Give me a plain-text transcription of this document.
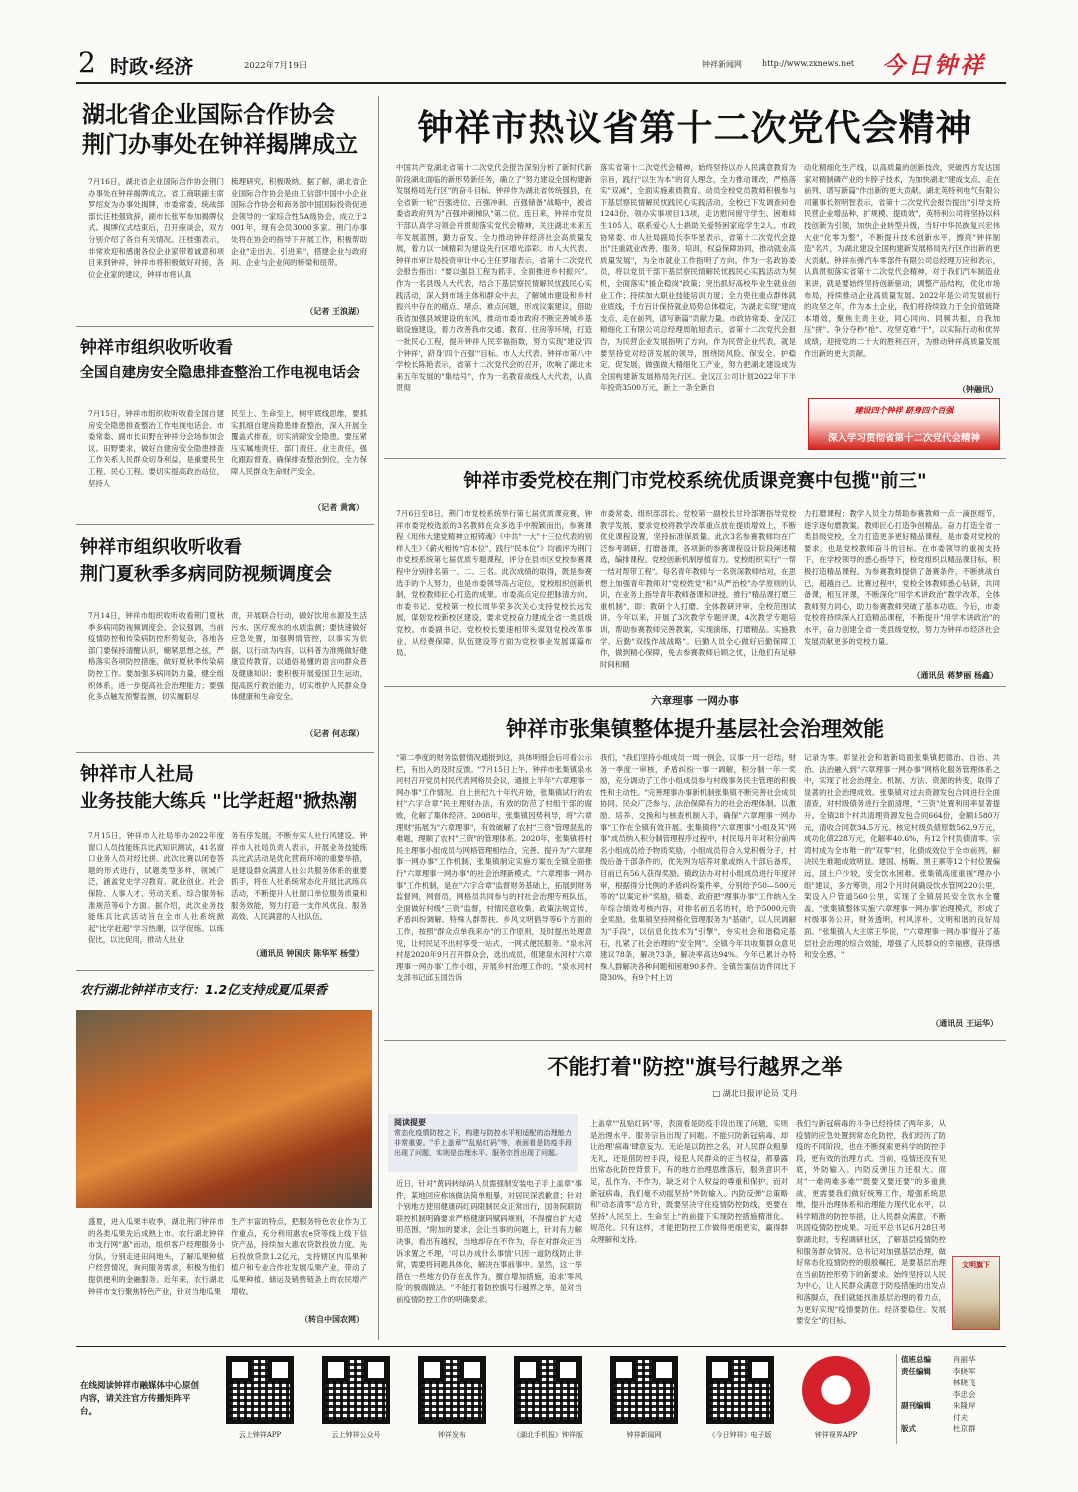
2 时政·经济	2022年7月19日	钟祥新闻网	http://www.zxnews.net 今日钟祥
湖北省企业国际合作协会
荆门办事处在钟祥揭牌成立
7月16日，湖北省企业国际合作协会荆门办事处在钟祥揭牌成立。省工商联副主席罗绍友为办事处揭牌，市委常委、统战部部长汪桂强致辞，副市长张军参加揭牌仪式。揭牌仪式结束后，召开座谈会，双方分别介绍了各自有关情况。汪桂强表示，非常欢迎和感谢各位企业家带着诚意和项目来到钟祥，钟祥市将积极做好对接，各位企业家的建议，钟祥市将认真
梳理研究，积极吸纳。据了解，湖北省企业国际合作协会是由工信部中国中小企业国际合作协会和商务部中国国际投资促进会领导的一家综合性5A级协会，成立于2001年，现有会员3000多家。荆门办事处将在协会的指导下开展工作，积极帮助企业"走出去、引进来"，搭建企业与政府间、企业与企业间的桥梁和纽带。
（记者 王浪湖）
钟祥市组织收听收看
全国自建房安全隐患排查整治工作电视电话会
7月15日，钟祥市组织收听收看全国自建房安全隐患排查整治工作电视电话会。市委常委、副市长田野在钟祥分会场参加会议。田野要求，做好自建房安全隐患排查工作关系人民群众切身利益，是重要民生工程、民心工程。要切实提高政治站位，坚持人
民至上、生命至上，树牢底线思维，要抓实抓细自建房隐患排查整治，深入开展全覆盖式排查，切实消除安全隐患。要压紧压实属地责任、部门责任、业主责任，强化跟踪督查，确保排查整治到位，全力保障人民群众生命财产安全。
（记者 黄寓）
钟祥市组织收听收看
荆门夏秋季多病同防视频调度会
7月14日，钟祥市组织收听收看荆门夏秋季多病同防视频调度会。会议强调，当前疫情防控和传染病防控形势复杂，各地各部门要保持清醒认识，綳紧思想之弦，严格落实各项防控措施，做好夏秋季传染病防控工作。要加强多病同防力量，健全组织体系，进一步提高社会治理能力；要强化多点触发预警监测，切实履职尽
责，开展联合行动，做好饮用水源及生活污水、医疗废水的水质监测；要快速做好应急处置，加强舆情管控，以事实为依据，以行动为内容，以科普为准绳做好健康宣传教育，以通俗易懂的语言向群众普及健康知识；要积极开展爱国卫生运动，提高医疗救治能力，切实维护人民群众身体健康和生命安全。
（记者 何志琛）
钟祥市人社局
业务技能大练兵 "比学赶超"掀热潮
7月15日，钟祥市人社局举办2022年度窗口人员技能练兵比武知识测试，41名窗口业务人员对经比拼。此次比赛以闭卷答题的形式进行，试题类型多样，领域广泛，涵盖党史学习教育、就业创业、社会保险、人事人才、劳动关系、综合服务标准规范等6个方面。据介绍，此次业务技能练兵比武活动旨在全市人社系统掀起"比学赶超"学习热潮，以学促练、以练促比，以比促用，推动人社业
务有序发展，不断夯实人社行风建设。钟祥市人社局负责人表示，开展业务技能练兵比武活动是优化营商环境的重要举措，是建设群众满意人社公共服务体系的重要抓手，将在人社系统常态化开展比武练兵活动，不断提升人社窗口单位服务质量和服务效能，努力打造一支作风优良、服务高效、人民满意的人社队伍。
（通讯员 钟国庆 陈华军 杨莹）
农行湖北钟祥市支行：1.2亿支持成夏瓜果香
盛夏，进入瓜果丰收季，湖北荆门钟祥市的各类瓜果先后成熟上市。农行湖北钟祥市支行网"惠"而动，组织客户经理服务小分队，分别走进田间地头，了解瓜果种植户经营情况，询问服务需求，积极为他们提供便利的金融服务。近年来，农行湖北钟祥市支行聚焦特色产业，针对当地瓜果
生产丰富的特点，把服务特色农业作为工作重点，充分利用惠农e贷等线上线下信贷产品，持续加大惠农贷款投放力度。先后投放贷款1.2亿元，支持辖区内瓜果种植户和专业合作社发展瓜果产业，带动了瓜果种植、储运及销售链条上的农民增产增收。
（转自中国农网）
钟祥市热议省第十二次党代会精神
中国共产党湖北省第十二次党代会报告深刻分析了新时代新阶段湖北面临的新形势新任务，确立了"努力建设全国构建新发展格局先行区"的奋斗目标。钟祥作为湖北省传统强县，在全省新一轮"百强进位、百强冲刺、百强储备"战略中，被省委省政府列为"百强冲刺梯队"第二位。连日来，钟祥市党员干部认真学习领会并贯彻落实党代会精神，关注湖北未来五年发展蓝图，勤力奋发、全力推动钟祥经济社会高质量发展，着力以一域精彩为建设先行区增光添彩。市人大代表、钟祥市审计局投资审计中心主任罗瑞表示，省第十二次党代会报告指出："要以强县工程为抓手，全面推进乡村振兴"。作为一名县级人大代表，结合下基层察民情解民忧践民心实践活动，深入到市场主体和群众中去，了解城市建设和乡村振兴中存在的痛点、堵点、难点问题，形成议案建议，借助我省加强县域建设的东风，推动市委市政府不断完善城乡基础设施建设，着力改善我市交通、教育、住房等环境，打造一批民心工程，提升钟祥人民幸福指数，努力实现"建设'四个钟祥'，跻身'四个百强'"目标。市人大代表、钟祥市第八中学校长陈艳表示，省第十二次党代会的召开，吹响了湖北未来五年发展的"集结号"，作为一名教育战线人大代表，认真贯彻
落实省第十二次党代会精神，始终坚持以办人民满意教育为宗旨，践行"以生为本"的育人理念，全力推动课改，严格落实"双减"，全面实施素质教育。动员全校党员教师积极参与下基层察民情解民忧践民心实践活动，全校已下发调查问卷1243份，领办实事项目13项，走访慰问留守学生、困难师生105人，联系爱心人士捐助关爱特困家庭学生2人。市政协常委、市人社局副局长李华星表示，省第十二次党代会提出"注重就业改善、服务、培训，权益保障协同，推动就业高质量发展"，为全市就业工作指明了方向。作为一名政协委员，将以党员干部下基层察民情解民忧践民心实践活动为契机，全面落实"援企稳岗"政策；突出抓好高校毕业生就业创业工作；持续加大职业技能培训力度；全力兜住重点群体就业底线，千方百计保持就业局势总体稳定，为湖北实现"建成支点、走在前列，谱写新篇"贡献力量。市政协常委、金汉江精细化工有限公司总经理周航旭表示，省第十二次党代会报告，为民营企业发展指明了方向，作为民营企业代表，就是要坚持党对经济发展的领导，围绕防风险、保安全、护稳定、促发展，做强做大精细化工产业，努力把湖北建设成为全国构建新发展格局先行区。金汉江公司计划2022年下半年投资3500万元，新上一条全新自
动化精细化生产线，以高质量的创新技改，突破西方发达国家对精制磷产业的卡脖子技术，为加快湖北"建成支点、走在前列、谱写新篇"作出新的更大贡献。湖北英特利电气有限公司董事长贺明智表示，省第十二次党代会报告提出"引导支持民营企业增品种、扩规模、提质效"，英特利公司将坚持以科技创新为引领，加快企业转型升级，当好中华民族复兴宏伟大业"化零为整"，不断提升技术创新水平，擦亮"钟祥制造"名片，为湖北建设全国构建新发展格局先行区作出新的更大贡献。钟祥东弹汽车零部件有限公司总经理万应和表示，认真贯彻落实省第十二次党代会精神，对于我们汽车制造业来讲，就是要始终坚持创新驱动，调整产品结构，优化市场布局，持续推动企业高质量发展。2022年是公司发展前行的攻坚之年，作为本土企业，我们将持续致力于全价值链降本增效，聚焦主责主业，同心同向、同频共振，自我加压"拼"、争分夺秒"抢"、攻坚克难"干"，以实际行动和优异成绩，迎接党的二十大的胜利召开，为推动钟祥高质量发展作出新的更大贡献。
（钟融讯）
建设四个钟祥 跻身四个百强
深入学习贯彻省第十二次党代会精神
钟祥市委党校在荆门市党校系统优质课竞赛中包揽"前三"
7月6日至8日，荆门市党校系统举行第七届优质课竞赛，钟祥市委党校选派的3名教师在众多选手中脱颖而出，参赛课程《用伟大建党精神立根铸魂》《中共"一大"十三位代表的别样人生》《薪火相传"官本位"、践行"民本位"》均被评为荆门市党校系统第七届优质专题课程，评分在县市区党校参赛课程中分别排名第一、二、三名。此次成绩的取得，既是参赛选手的个人努力，也是市委领导高占定位，党校组织创新机制，党校教师匠心打造的成果。市委高点定位把脉清方向。市委书记、党校第一校长周华荣多次关心支持党校长远发展，谋划党校新校区建设，要求党校奋力建成全省一类县级党校。市委副书记、党校校长要速相带头谋划党校改革事业，从经费保障、队伍建设等方面为党校事业发展谋篇布局。
市委常委、组织部部长、党校第一副校长甘玲部署指导党校教学发展，要求党校将教学改革重点放在提质增效上，不断优化课程设置，坚持标准保质量。此次3名参赛教师均在广泛参考调研、打磨备课，各项新的参赛课程设计阶段阐述精选，编排课程。党校创新机制厚植育力。党校组织实行"一帮一结对帮带工程"。每名青年教师与一名资深教师结对，在思想上加强青年教师对"党校姓党"和"从严治校"办学原则的认识，在业务上指导青年教师备课和讲授。推行"精品课打磨三重机制"，即：教研个人打磨、全体教研评审、全校范围试讲。今年以来，开展了3次教学专题评课，4次教学专题培训，帮助参赛教师完善教案，实现演练，打磨精品。实施教学、后勤"双线作战战略"。后勤人员全心做好后勤保障工作，做到精心保障，免去参赛教师后顾之忧，让他们有足够时间和精
力打磨课程；教学人员全力帮助参赛教师一点一滴抠细节，逐字逐句磨教案。教师匠心打造争创精品。奋力打造全省一类县级党校，全力打造更多更好精品课程，是市委对党校的要求，也是党校教师奋斗的目标。在市委领导的重视支持下，在学校领导的悉心指导下，校党组织以精品课目标，积极打造精品课程。为参赛教师提供了备赛条件，不断挑战自己，超越自己。比赛过程中，党校全体教师悉心钻研，共同备课，相互评课，不断深化"用学术讲政治"教学改革，全体教师努力同心，助力参赛教师突破了基本功底。今后，市委党校将持续深入打造精品课程，不断提升"用学术讲政治"的水平，奋力创建全省一类县级党校，努力为钟祥市经济社会发展贡献更多的党校力量。
（通讯员 蒋梦丽 杨鑫）
六章理事 一网办事
钟祥市张集镇整体提升基层社会治理效能
"第二季度的财务监督情况通报到这，具体明细会后可看公示栏，有出入的及时反馈。"7月15日上午，钟祥市张集镇泉水河村召开党员村民代表网格员会议，通报上半年"六章理事一网办事"工作情况。自上世纪九十年代开始，张集镇试行的农村"六字合章"民主理财办法，有效的防范了村组干部的腐败，化解了集体经济。2008年，张集镇因势利导，将"六章理财"拓展为"六章理事"，有效破解了农村"三资"管理混乱的难题，理顺了农村"三资"的管理体系。2020年，张集镇将村民主理事小组成员与网格管理相结合，完善、提升为"六章理事一网办事"工作机制，张集镇制定实施方案在全镇全面推行"六章理事一网办事"的社会治理新模式。"六章理事一网办事"工作机制，是在"六字合章"监督财务基础上，拓展到财务监督网，网督员，网格员共同参与的村社会治理专班队伍，全面做好村级"三资"监督，村情民意收集、政策法规宣传、矛盾纠纷调解、特殊人群帮扶、乡风文明倡导等6个方面的工作，按照"群众点单我来办"的工作原则，及时提出处理意见，让村民足不出村享受一站式、一网式便民服务。"泉水河村是2020年9月召开群众会，选出成员，组建泉水河村'六章理事一网办事'工作小组，开展乡村治理工作的。"泉水河村支部书记邱玉国告诉
我们，"我们坚持小组成员一周一例会，议事一月一总结，财务一季度一审核，矛盾纠纷一事一调解，积分制一年一奖励，充分调动了工作小组成员参与村级事务民主管理的积极性和主动性。"完善理事办事新机制张集镇不断完善社会成员协同、民众广泛参与、法治保障有力的社会治理体制。以激励、培养、交换和与核查机制入手，确保"六章理事一网办事"工作在全镇有效开展。张集镇将"六章理事"小组及其"网事"成员纳入积分制管理程序过程中，村民每月年对积分前两名小组成员给予物质奖励，小组成员符合入党积极分子，村级后备干部条件的，优先列为培养对象或纳入干部后备库，目前已有56人获得奖励。镇政法办对村小组成员进行年度评审，根据得分比例的矛盾纠纷案件率，分别给予50—500元等的"以案定补"奖励，镇委、政府把"理事办事"工作纳入全年综合绩效考核内容，对排名前五名的村，给予5000元资金奖励。张集镇坚持网格化管理服务为"基础"，以人民调解为"手段"，以信息化技术为"引擎"，夯实社会和谐稳定基石，扎紧了社会治理的"安全网"。全镇今年共收集群众意见建议78条，解决73条，解决率高达94%。今年已累计办特殊人群解决各种问题和困难90多件。全镇告案信访件同比下降30%，有9个村上访
记录为零。彰显社会和谐新局面张集镇把德治、自治、共治、法治融入到"六章理事一网办事"网格化服务管理体系之中，实现了社会治理全、机制、方法、资源的转变，取得了显著的社会治理成效。张集镇对过去资源发包合同进行全面清查，对村级债务进行全面清理，"三资"处置利用率显著提升。全镇28个村共清理资源发包合同664份，金额1580万元，清收合同款34.5万元。核定村级负债原数562.9万元，成功化债228万元，化解率40.6%，有12个村负债清零。宗湾村成为全市唯一的"双零"村，化债成效位于全市前列，解决民生难题成效明显。建国、杨畈、黑王寨等12个村位置偏远，国土户少较，安全饮水困难。张集镇高度重视"理办小组"建议，多方筹资，用2个月时间确设饮水管网220公里，架设入户管道560公里，实现了全镇居民安全饮水全覆盖。"张集镇整体实施'六章理事一网办事'治理模式，形成了村级事务公开，财务透明，村风淳朴，文明和谐的良好局面。"张集镇人大主席王华说，"'六章理事一网办事'提升了基层社会治理的综合效能，增强了人民群众的幸福感，获得感和安全感。"
（通讯员 王运华）
不能打着"防控"旗号行越界之举
□ 湖北日报评论员 艾丹
阅读提要
常态化疫情防控之下，构建与防控水平相适配的治理能力非常重要。"手上盖章""乱贴红码"等，表面看是防疫手段出现了问题，实则是治理水平、服务宗旨出现了问题。
近日，针对"黄码转绿码人员需强制安装电子手上盖章"事件，某地回应称该做法简单粗暴，对居民深表歉意；针对个别地方使用健康码红码限制民众正常出行，国务院联防联控机制明确要求严格健康码赋码规则，不得擅自扩大适用范围，"附加的要求，会让当事的问题上，针对有力解决事，看出有越权，当地却存在不作为，存在对群众正当诉求置之不理，'可以办成什么事情'只因一道防线防止非常，需要将问题具体化，解决在事前事中。显然，这一举措在一些地方仍存在乱作为，擅自增加措施，追求'零风险'的极端做法。"不能打着防控旗号行越界之举，是对当前疫情防控工作的明确要求。
上盖章""乱贴红码"等，表面看是防疫手段出现了问题，实则是治理水平、服务宗旨出现了问题。不能只防新冠病毒，却让治理'病毒'肆意妄为。无论是以防控之名，对人民群众粗暴无礼，还是借防控手段，侵犯人民群众的正当权益，都暴露出常态化防控背景下，有的地方治理思维落后，服务意识不足，乱作为、不作为，缺乏对个人权益的尊重和保护。而对新冠病毒，我们毫不动摇坚持"外防输入、内防反弹"总策略和"动态清零"总方针，既要坚决守住疫情防控防线，更要在坚持"人民至上、生命至上"的前提下实现防控措施精准化、规范化。只有这样，才能把防控工作做得更细更实，赢得群众理解和支持。
我们与新冠病毒的斗争已经持续了两年多，从疫情的应急处置到常态化防控，我们经历了防疫的不同阶段，也在不断探索更科学的防控手段，更有效的治理方式。当前，疫情还没有见底，外防输入、内防反弹压力还很大。面对"一难两难多难""既要又要还要"的多重挑战，更需要我们做好统筹工作，增强系统思维，提升治理体系和治理能力现代化水平，以科学精准的防控举措，让人民群众满意，不断巩固疫情防控成果。习近平总书记6月28日考察湖北时，专程调研社区，了解基层疫情防控和服务群众情况。总书记对加强基层治理，做好常态化疫情防控的殷殷嘱托，是要基层治理在当前防控形势下的新要求。始终坚持以人民为中心，让人民群众满意于防疫措施的出发点和落脚点，我们就能找准基层治理的着力点，为更好实现"疫情要防住、经济要稳住、发展要安全"的目标。
文明旗下
在线阅读钟祥市融媒体中心原创内容，请关注官方传播矩阵平台。
云上钟祥APP	云上钟祥公众号	钟祥发布	《湖北手机报》钟祥版	钟祥新闻网	《今日钟祥》电子版	钟祥视界APP
值班总编	肖丽华
责任编辑	李晓军
林晓飞
李忠会
副刊编辑	朱隆岸
付夫
版式	杜京群
